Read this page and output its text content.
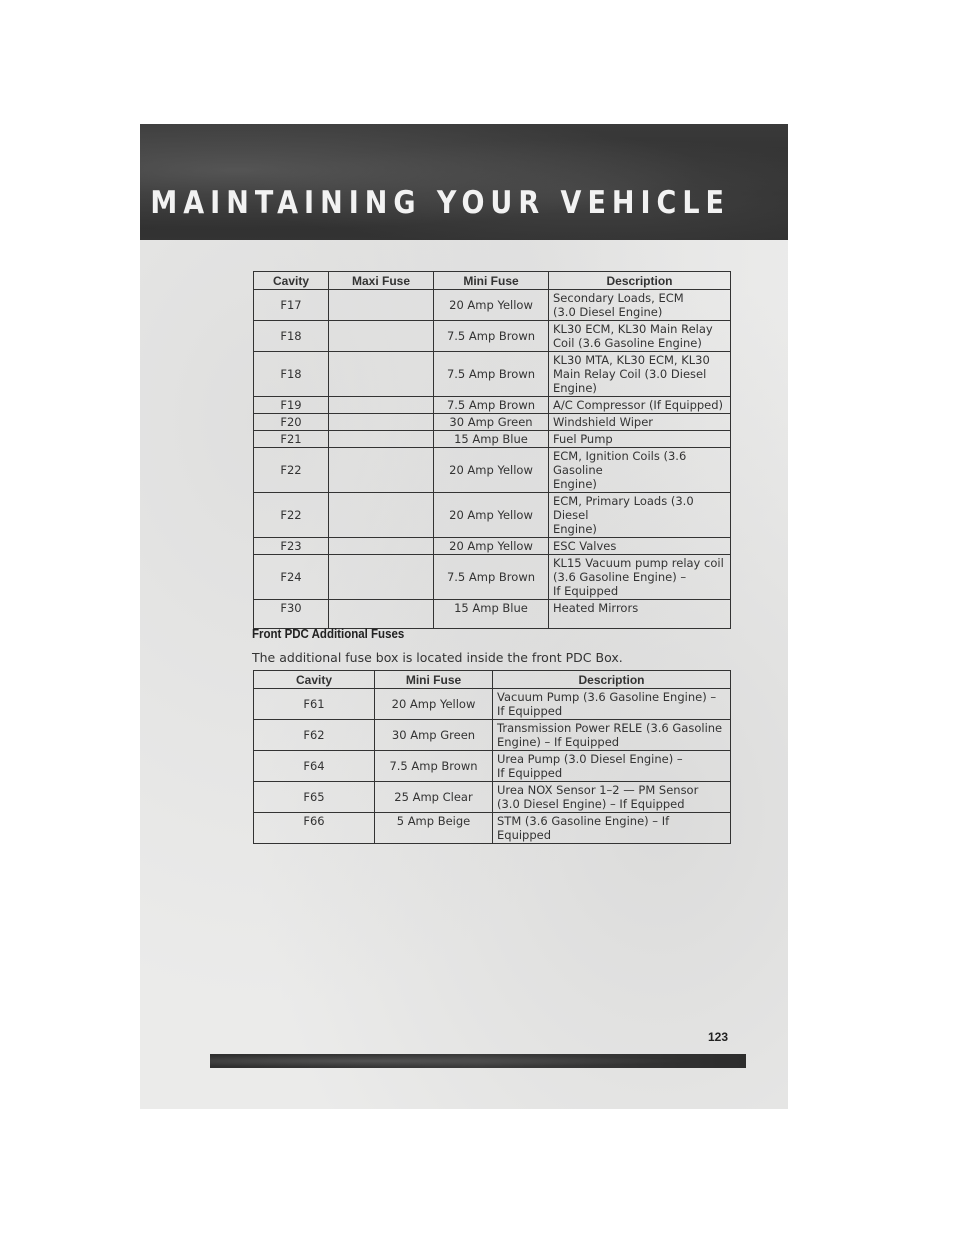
MAINTAINING YOUR VEHICLE
Cavity	Maxi Fuse	Mini Fuse	Description
F17		20 Amp Yellow	Secondary Loads, ECM
(3.0 Diesel Engine)

F18		7.5 Amp Brown	KL30 ECM, KL30 Main Relay
Coil (3.6 Gasoline Engine)

F18		7.5 Amp Brown	KL30 MTA, KL30 ECM, KL30
Main Relay Coil (3.0 Diesel
Engine)

F19		7.5 Amp Brown	A/C Compressor (If Equipped)

F20		30 Amp Green	Windshield Wiper

F21		15 Amp Blue	Fuel Pump

F22		20 Amp Yellow	ECM, Ignition Coils (3.6 Gasoline
Engine)

F22		20 Amp Yellow	ECM, Primary Loads (3.0 Diesel
Engine)

F23		20 Amp Yellow	ESC Valves

F24		7.5 Amp Brown	KL15 Vacuum pump relay coil
(3.6 Gasoline Engine) –
If Equipped

F30		15 Amp Blue	Heated Mirrors
Front PDC Additional Fuses
The additional fuse box is located inside the front PDC Box.
Cavity	Mini Fuse	Description
F61	20 Amp Yellow	Vacuum Pump (3.6 Gasoline Engine) –
If Equipped

F62	30 Amp Green	Transmission Power RELE (3.6 Gasoline
Engine) – If Equipped

F64	7.5 Amp Brown	Urea Pump (3.0 Diesel Engine) –
If Equipped

F65	25 Amp Clear	Urea NOX Sensor 1–2 — PM Sensor
(3.0 Diesel Engine) – If Equipped

F66	5 Amp Beige	STM (3.6 Gasoline Engine) – If Equipped
123
